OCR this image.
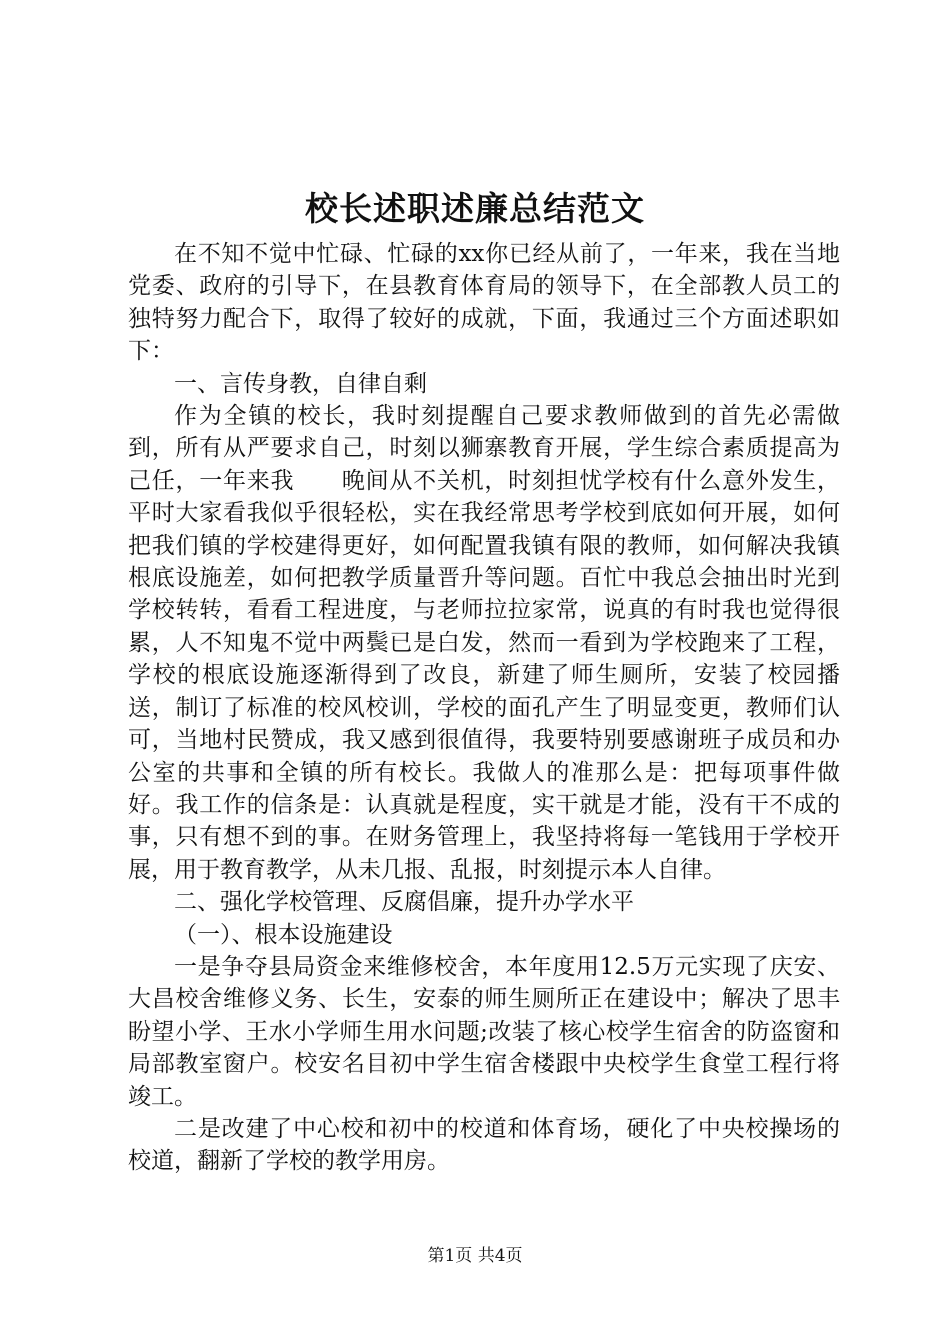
校长述职述廉总结范文

在不知不觉中忙碌、忙碌的xx你已经从前了，一年来，我在当地党委、政府的引导下，在县教育体育局的领导下，在全部教人员工的独特努力配合下，取得了较好的成就，下面，我通过三个方面述职如下：

一、言传身教，自律自剩

作为全镇的校长，我时刻提醒自己要求教师做到的首先必需做到，所有从严要求自己，时刻以狮寨教育开展，学生综合素质提高为己任，一年来我　　晚间从不关机，时刻担忧学校有什么意外发生，平时大家看我似乎很轻松，实在我经常思考学校到底如何开展，如何把我们镇的学校建得更好，如何配置我镇有限的教师，如何解决我镇根底设施差，如何把教学质量晋升等问题。百忙中我总会抽出时光到学校转转，看看工程进度，与老师拉拉家常，说真的有时我也觉得很累，人不知鬼不觉中两鬓已是白发，然而一看到为学校跑来了工程，学校的根底设施逐渐得到了改良，新建了师生厕所，安装了校园播送，制订了标准的校风校训，学校的面孔产生了明显变更，教师们认可，当地村民赞成，我又感到很值得，我要特别要感谢班子成员和办公室的共事和全镇的所有校长。我做人的准那么是：把每项事件做好。我工作的信条是：认真就是程度，实干就是才能，没有干不成的事，只有想不到的事。在财务管理上，我坚持将每一笔钱用于学校开展，用于教育教学，从未几报、乱报，时刻提示本人自律。

二、强化学校管理、反腐倡廉，提升办学水平

（一）、根本设施建设

一是争夺县局资金来维修校舍，本年度用12.5万元实现了庆安、大昌校舍维修义务、长生，安泰的师生厕所正在建设中；解决了思丰盼望小学、王水小学师生用水问题;改装了核心校学生宿舍的防盗窗和局部教室窗户。校安名目初中学生宿舍楼跟中央校学生食堂工程行将竣工。

二是改建了中心校和初中的校道和体育场，硬化了中央校操场的校道，翻新了学校的教学用房。

第1页 共4页
